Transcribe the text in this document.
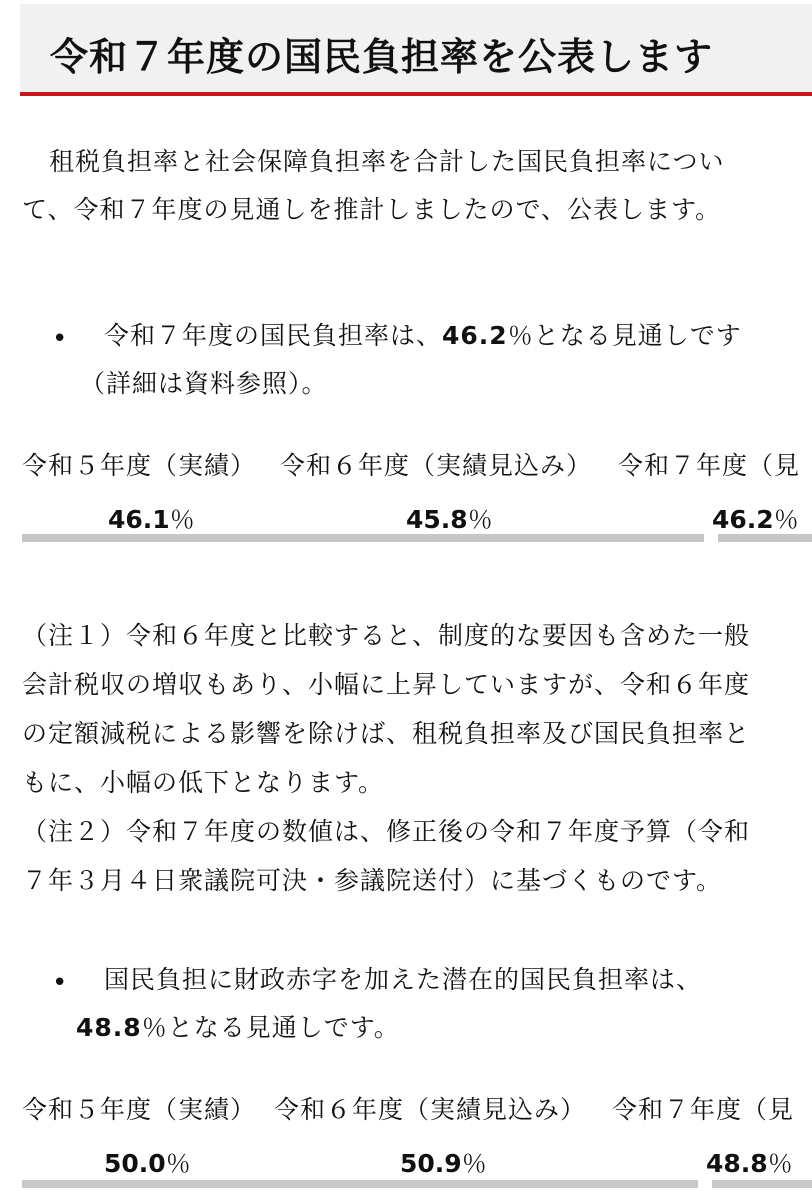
令和７年度の国民負担率を公表します
租税負担率と社会保障負担率を合計した国民負担率につい
て、令和７年度の見通しを推計しましたので、公表します。
• 令和７年度の国民負担率は、46.2％となる見通しです
（詳細は資料参照）。
令和５年度（実績） 令和６年度（実績見込み） 令和７年度（見
46.1％	45.8％	46.2％
（注１）令和６年度と比較すると、制度的な要因も含めた一般
会計税収の増収もあり、小幅に上昇していますが、令和６年度
の定額減税による影響を除けば、租税負担率及び国民負担率と
もに、小幅の低下となります。
（注２）令和７年度の数値は、修正後の令和７年度予算（令和
７年３月４日衆議院可決・参議院送付）に基づくものです。
• 国民負担に財政赤字を加えた潜在的国民負担率は、
48.8％となる見通しです。
令和５年度（実績） 令和６年度（実績見込み） 令和７年度（見
50.0％	50.9％	48.8％
